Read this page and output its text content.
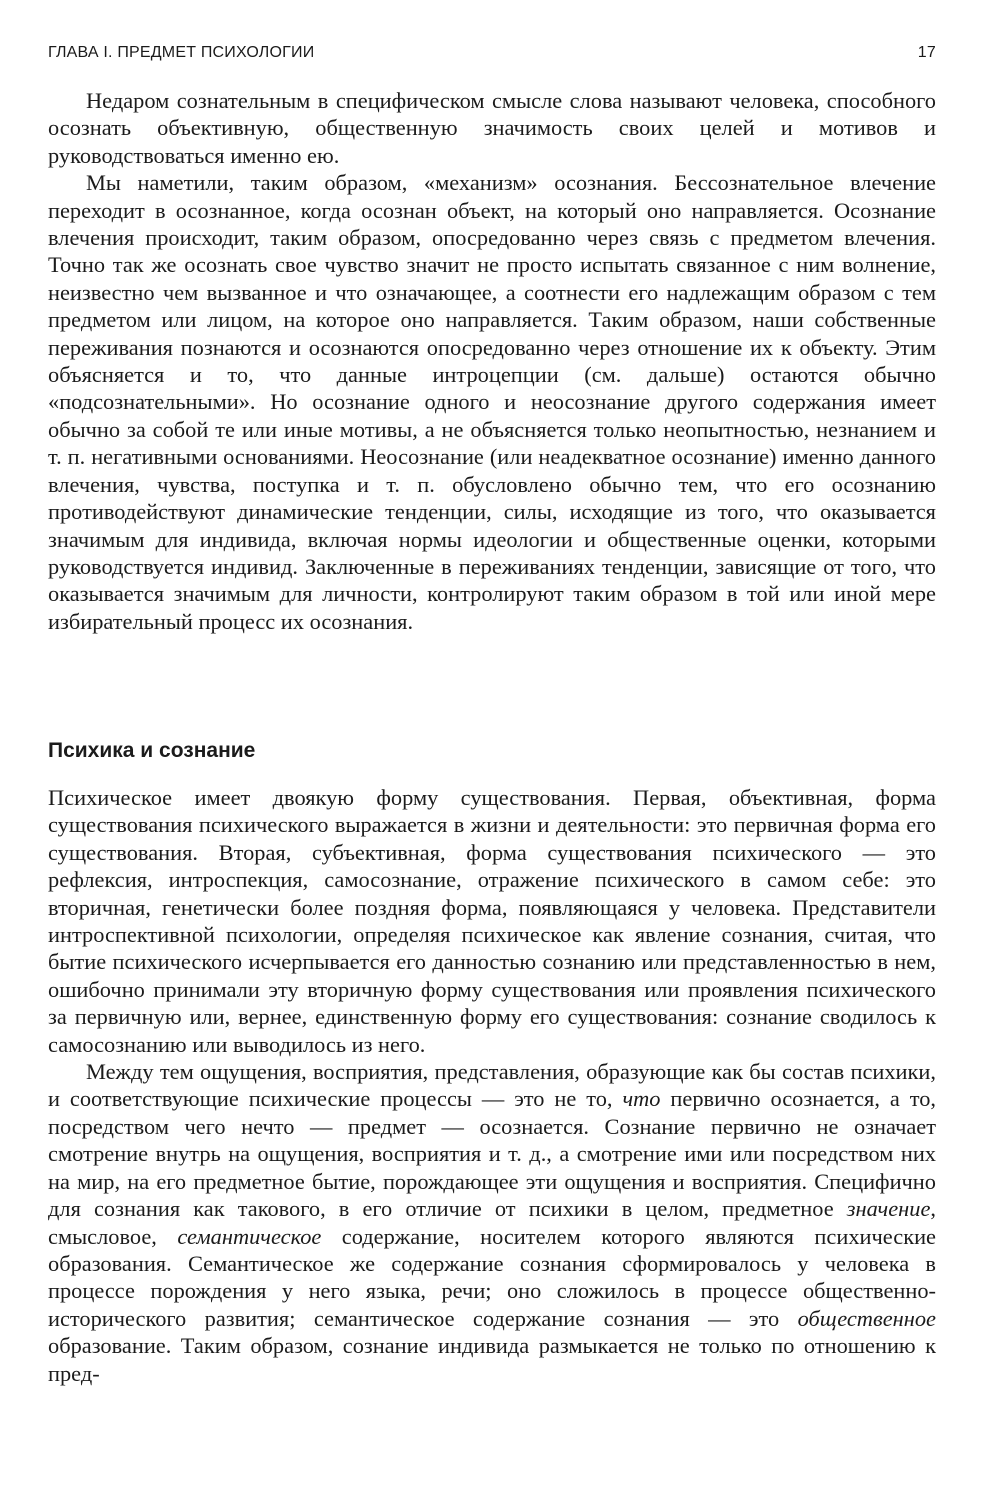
ГЛАВА I. ПРЕДМЕТ ПСИХОЛОГИИ	17

Недаром сознательным в специфическом смысле слова называют человека, способного осознать объективную, общественную значимость своих целей и мотивов и руководствоваться именно ею.

Мы наметили, таким образом, «механизм» осознания. Бессознательное влечение переходит в осознанное, когда осознан объект, на который оно направляется. Осознание влечения происходит, таким образом, опосредованно через связь с предметом влечения. Точно так же осознать свое чувство значит не просто испытать связанное с ним волнение, неизвестно чем вызванное и что означающее, а соотнести его надлежащим образом с тем предметом или лицом, на которое оно направляется. Таким образом, наши собственные переживания познаются и осознаются опосредованно через отношение их к объекту. Этим объясняется и то, что данные интроцепции (см. дальше) остаются обычно «подсознательными». Но осознание одного и неосознание другого содержания имеет обычно за собой те или иные мотивы, а не объясняется только неопытностью, незнанием и т. п. негативными основаниями. Неосознание (или неадекватное осознание) именно данного влечения, чувства, поступка и т. п. обусловлено обычно тем, что его осознанию противодействуют динамические тенденции, силы, исходящие из того, что оказывается значимым для индивида, включая нормы идеологии и общественные оценки, которыми руководствуется индивид. Заключенные в переживаниях тенденции, зависящие от того, что оказывается значимым для личности, контролируют таким образом в той или иной мере избирательный процесс их осознания.

Психика и сознание

Психическое имеет двоякую форму существования. Первая, объективная, форма существования психического выражается в жизни и деятельности: это первичная форма его существования. Вторая, субъективная, форма существования психического — это рефлексия, интроспекция, самосознание, отражение психического в самом себе: это вторичная, генетически более поздняя форма, появляющаяся у человека. Представители интроспективной психологии, определяя психическое как явление сознания, считая, что бытие психического исчерпывается его данностью сознанию или представленностью в нем, ошибочно принимали эту вторичную форму существования или проявления психического за первичную или, вернее, единственную форму его существования: сознание сводилось к самосознанию или выводилось из него.

Между тем ощущения, восприятия, представления, образующие как бы состав психики, и соответствующие психические процессы — это не то, что первично осознается, а то, посредством чего нечто — предмет — осознается. Сознание первично не означает смотрение внутрь на ощущения, восприятия и т. д., а смотрение ими или посредством них на мир, на его предметное бытие, порождающее эти ощущения и восприятия. Специфично для сознания как такового, в его отличие от психики в целом, предметное значение, смысловое, семантическое содержание, носителем которого являются психические образования. Семантическое же содержание сознания сформировалось у человека в процессе порождения у него языка, речи; оно сложилось в процессе общественно-исторического развития; семантическое содержание сознания — это общественное образование. Таким образом, сознание индивида размыкается не только по отношению к пред-
